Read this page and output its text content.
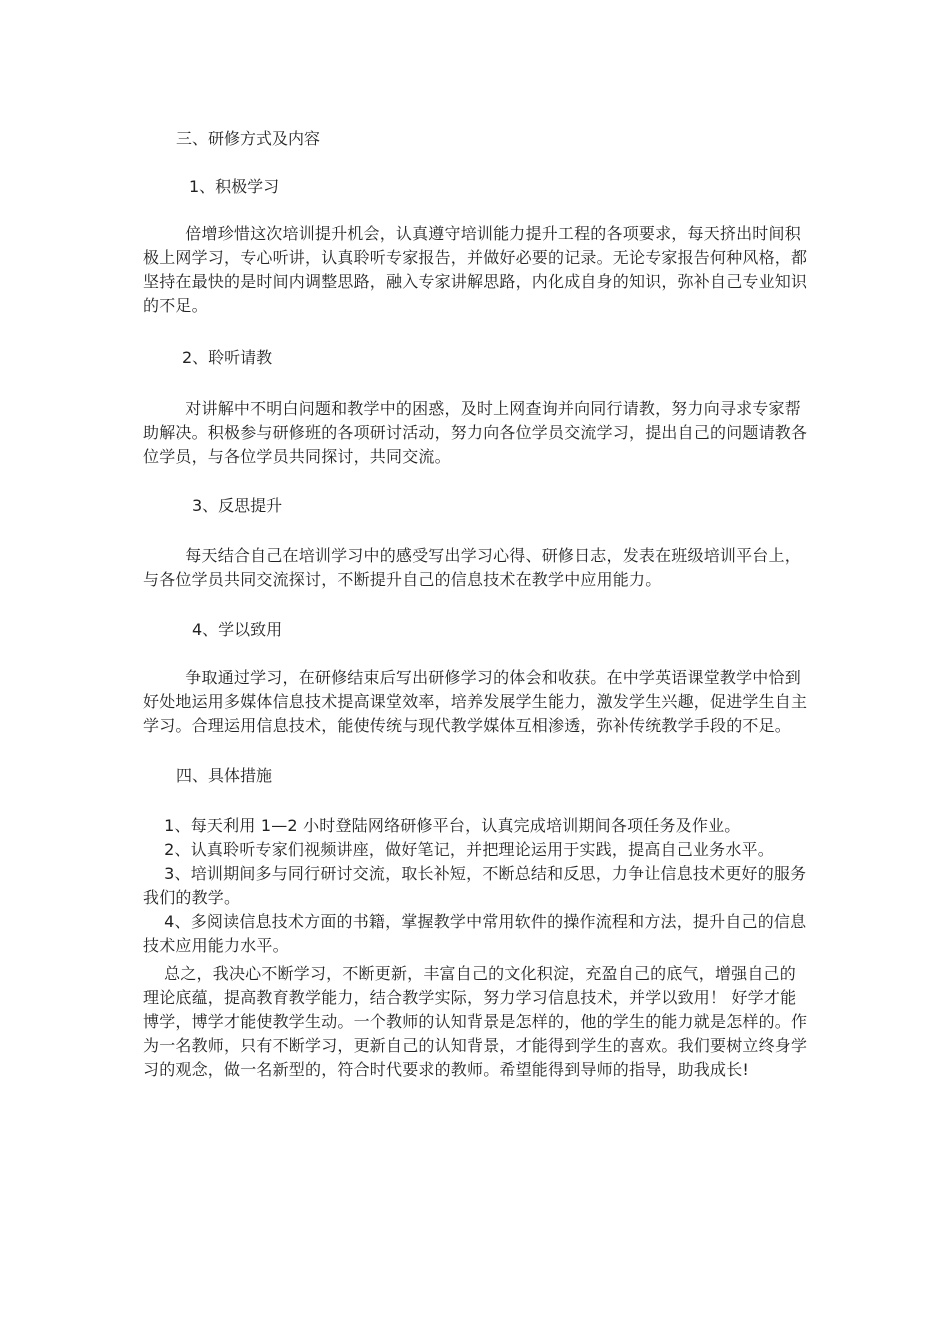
三、研修方式及内容

1、积极学习

倍增珍惜这次培训提升机会，认真遵守培训能力提升工程的各项要求，每天挤出时间积极上网学习，专心听讲，认真聆听专家报告，并做好必要的记录。无论专家报告何种风格，都坚持在最快的是时间内调整思路，融入专家讲解思路，内化成自身的知识，弥补自己专业知识的不足。

2、聆听请教

对讲解中不明白问题和教学中的困惑，及时上网查询并向同行请教，努力向寻求专家帮助解决。积极参与研修班的各项研讨活动，努力向各位学员交流学习，提出自己的问题请教各位学员，与各位学员共同探讨，共同交流。

3、反思提升

每天结合自己在培训学习中的感受写出学习心得、研修日志，发表在班级培训平台上，与各位学员共同交流探讨，不断提升自己的信息技术在教学中应用能力。

4、学以致用

争取通过学习，在研修结束后写出研修学习的体会和收获。在中学英语课堂教学中恰到好处地运用多媒体信息技术提高课堂效率，培养发展学生能力，激发学生兴趣，促进学生自主学习。合理运用信息技术，能使传统与现代教学媒体互相渗透，弥补传统教学手段的不足。

四、具体措施

1、每天利用 1—2 小时登陆网络研修平台，认真完成培训期间各项任务及作业。

2、认真聆听专家们视频讲座，做好笔记，并把理论运用于实践，提高自己业务水平。

3、培训期间多与同行研讨交流，取长补短，不断总结和反思，力争让信息技术更好的服务我们的教学。

4、多阅读信息技术方面的书籍，掌握教学中常用软件的操作流程和方法，提升自己的信息技术应用能力水平。

总之，我决心不断学习，不断更新，丰富自己的文化积淀，充盈自己的底气，增强自己的理论底蕴，提高教育教学能力，结合教学实际，努力学习信息技术，并学以致用！ 好学才能博学，博学才能使教学生动。一个教师的认知背景是怎样的，他的学生的能力就是怎样的。作为一名教师，只有不断学习，更新自己的认知背景，才能得到学生的喜欢。我们要树立终身学习的观念，做一名新型的，符合时代要求的教师。希望能得到导师的指导，助我成长!
